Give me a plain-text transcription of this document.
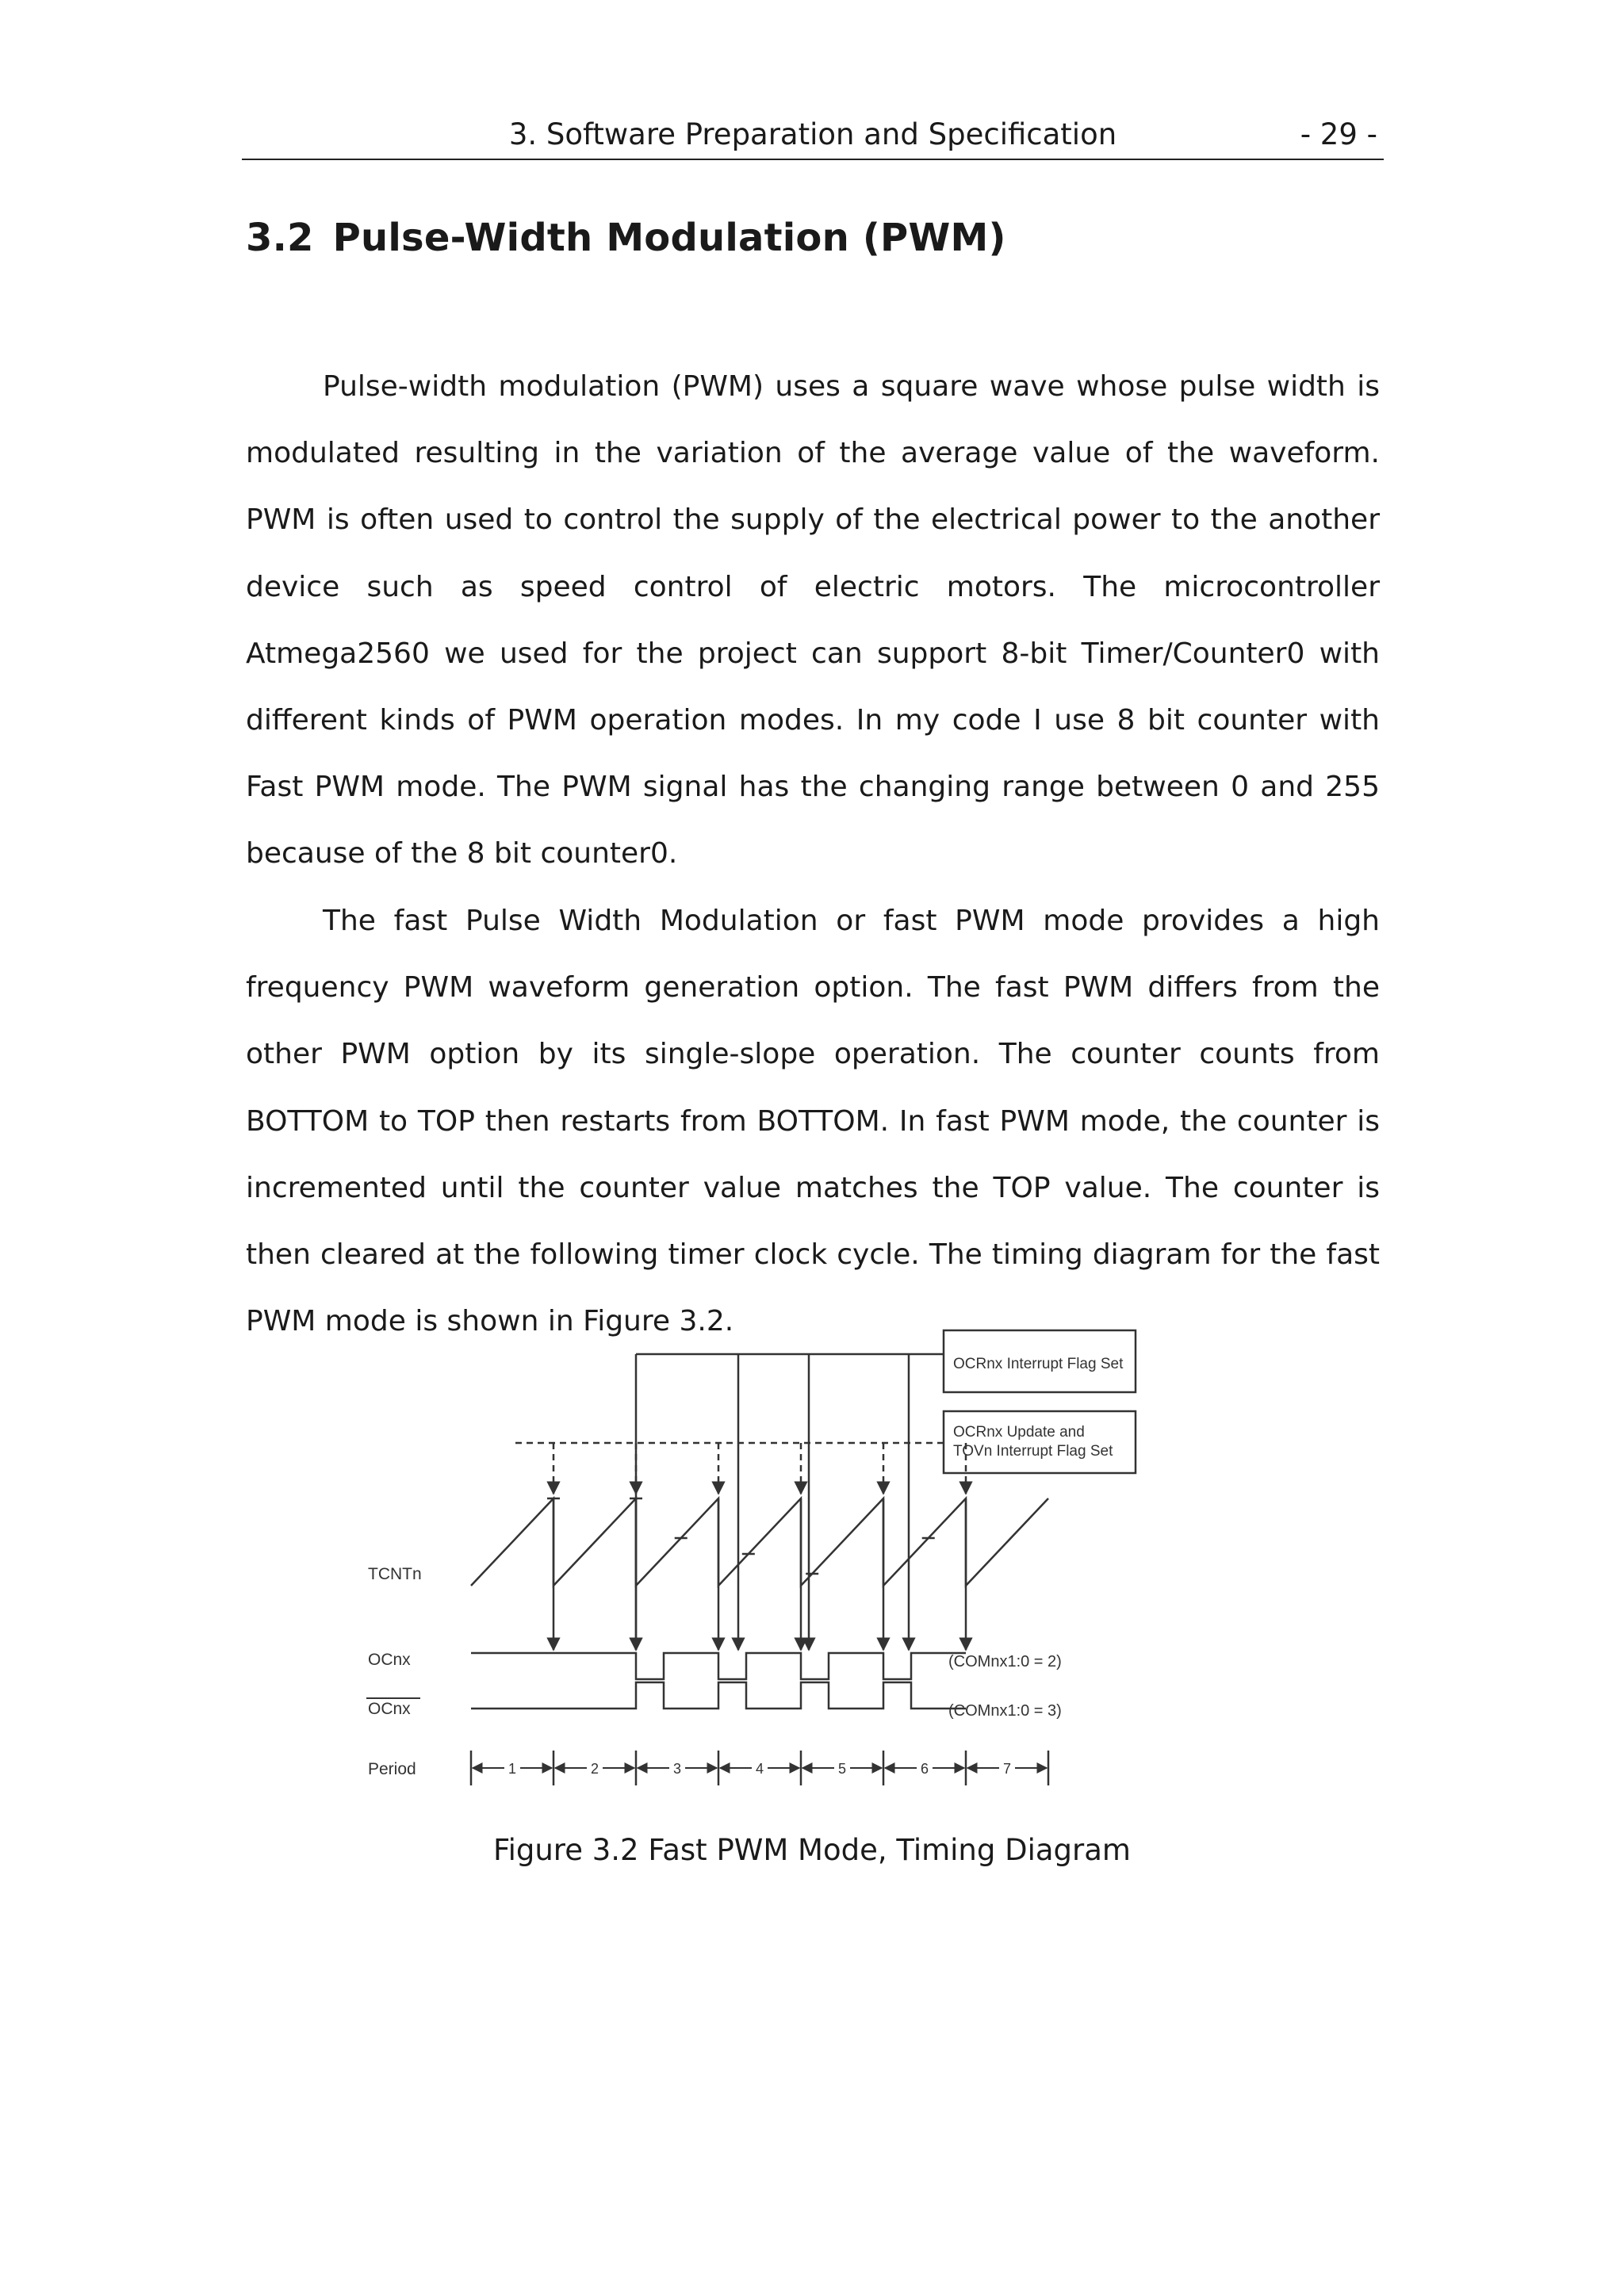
3. Software Preparation and Specification	- 29 -
3.2 Pulse-Width Modulation (PWM)

Pulse-width modulation (PWM) uses a square wave whose pulse width is modulated resulting in the variation of the average value of the waveform. PWM is often used to control the supply of the electrical power to the another device such as speed control of electric motors. The microcontroller Atmega2560 we used for the project can support 8-bit Timer/Counter0 with different kinds of PWM operation modes. In my code I use 8 bit counter with Fast PWM mode. The PWM signal has the changing range between 0 and 255 because of the 8 bit counter0.

The fast Pulse Width Modulation or fast PWM mode provides a high frequency PWM waveform generation option. The fast PWM differs from the other PWM option by its single-slope operation. The counter counts from BOTTOM to TOP then restarts from BOTTOM. In fast PWM mode, the counter is incremented until the counter value matches the TOP value. The counter is then cleared at the following timer clock cycle. The timing diagram for the fast PWM mode is shown in Figure 3.2.

OCRnx Interrupt Flag Set
OCRnx Update and
TOVn Interrupt Flag Set
TCNTn
OCnx
OCnx
Period
(COMnx1:0 = 2)
(COMnx1:0 = 3)
1	2	3	4	5	6	7
Figure 3.2 Fast PWM Mode, Timing Diagram
